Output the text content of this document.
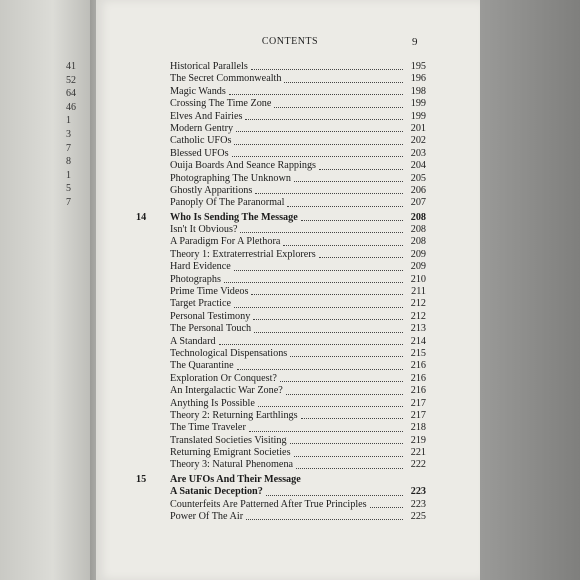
41
52
64
46
1
3
7
8
1
5
7
CONTENTS	9
Historical Parallels	195
The Secret Commonwealth	196
Magic Wands	198
Crossing The Time Zone	199
Elves And Fairies	199
Modern Gentry	201
Catholic UFOs	202
Blessed UFOs	203
Ouija Boards And Seance Rappings	204
Photographing The Unknown	205
Ghostly Apparitions	206
Panoply Of The Paranormal	207
14	Who Is Sending The Message	208
Isn't It Obvious?	208
A Paradigm For A Plethora	208
Theory 1: Extraterrestrial Explorers	209
Hard Evidence	209
Photographs	210
Prime Time Videos	211
Target Practice	212
Personal Testimony	212
The Personal Touch	213
A Standard	214
Technological Dispensations	215
The Quarantine	216
Exploration Or Conquest?	216
An Intergalactic War Zone?	216
Anything Is Possible	217
Theory 2: Returning Earthlings	217
The Time Traveler	218
Translated Societies Visiting	219
Returning Emigrant Societies	221
Theory 3: Natural Phenomena	222
15	Are UFOs And Their Message
A Satanic Deception?	223
Counterfeits Are Patterned After True Principles	223
Power Of The Air	225
